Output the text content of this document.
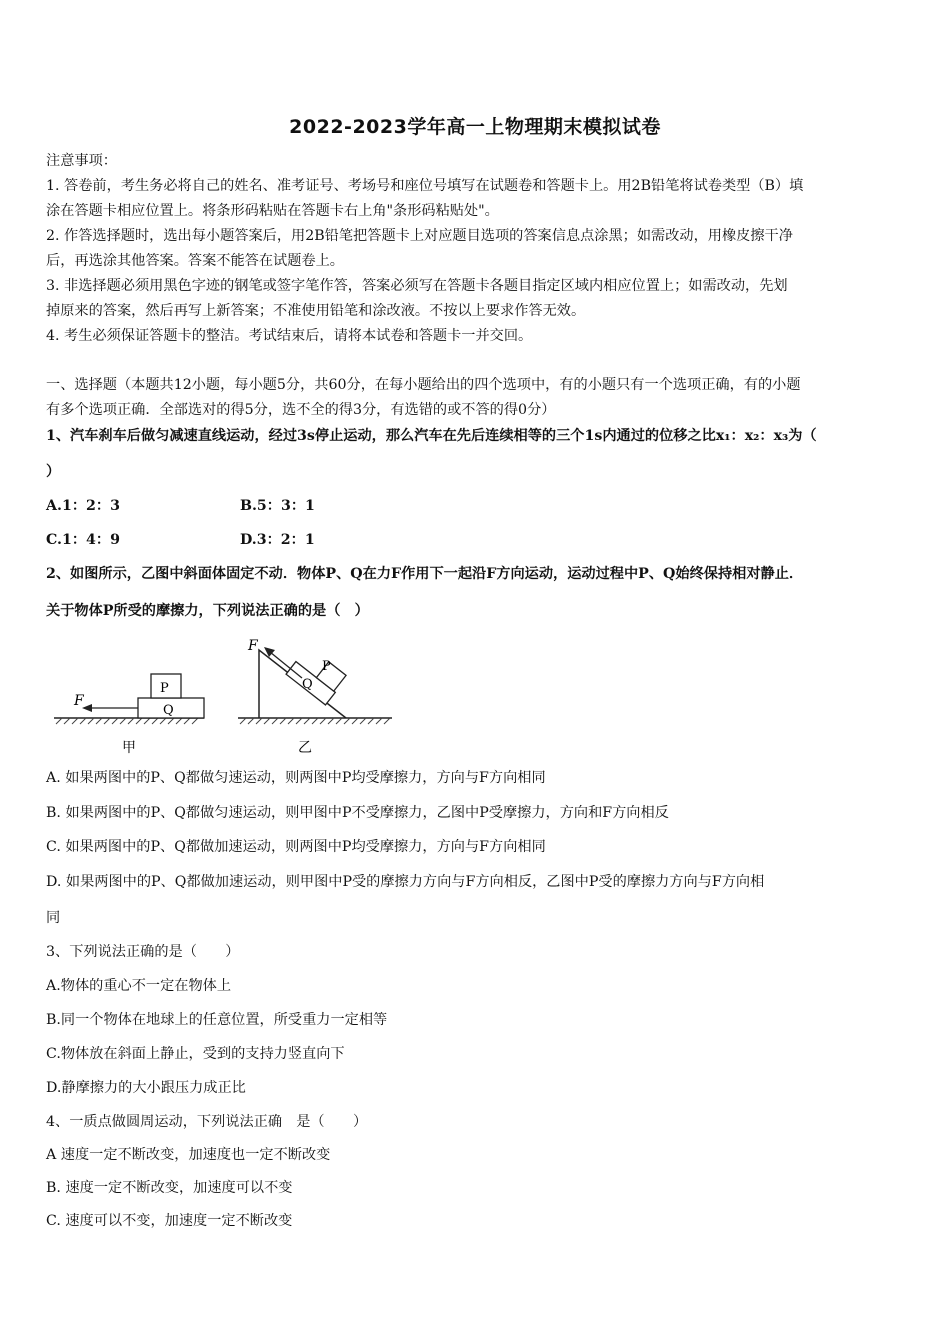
2022-2023学年高一上物理期末模拟试卷
注意事项：
1. 答卷前，考生务必将自己的姓名、准考证号、考场号和座位号填写在试题卷和答题卡上。用2B铅笔将试卷类型（B）填
涂在答题卡相应位置上。将条形码粘贴在答题卡右上角"条形码粘贴处"。
2. 作答选择题时，选出每小题答案后，用2B铅笔把答题卡上对应题目选项的答案信息点涂黑；如需改动，用橡皮擦干净
后，再选涂其他答案。答案不能答在试题卷上。
3. 非选择题必须用黑色字迹的钢笔或签字笔作答，答案必须写在答题卡各题目指定区域内相应位置上；如需改动，先划
掉原来的答案，然后再写上新答案；不准使用铅笔和涂改液。不按以上要求作答无效。
4. 考生必须保证答题卡的整洁。考试结束后，请将本试卷和答题卡一并交回。
一、选择题（本题共12小题，每小题5分，共60分，在每小题给出的四个选项中，有的小题只有一个选项正确，有的小题
有多个选项正确．全部选对的得5分，选不全的得3分，有选错的或不答的得0分）
1、汽车刹车后做匀减速直线运动，经过3s停止运动，那么汽车在先后连续相等的三个1s内通过的位移之比x₁：x₂：x₃为（
）
A.1：2：3	B.5：3：1
C.1：4：9	D.3：2：1
2、如图所示，乙图中斜面体固定不动．物体P、Q在力F作用下一起沿F方向运动，运动过程中P、Q始终保持相对静止．
关于物体P所受的摩擦力，下列说法正确的是（　）
F
P
Q
甲
F
P
Q
乙
A. 如果两图中的P、Q都做匀速运动，则两图中P均受摩擦力，方向与F方向相同
B. 如果两图中的P、Q都做匀速运动，则甲图中P不受摩擦力，乙图中P受摩擦力，方向和F方向相反
C. 如果两图中的P、Q都做加速运动，则两图中P均受摩擦力，方向与F方向相同
D. 如果两图中的P、Q都做加速运动，则甲图中P受的摩擦力方向与F方向相反，乙图中P受的摩擦力方向与F方向相
同
3、下列说法正确的是（　　）
A.物体的重心不一定在物体上
B.同一个物体在地球上的任意位置，所受重力一定相等
C.物体放在斜面上静止，受到的支持力竖直向下
D.静摩擦力的大小跟压力成正比
4、一质点做圆周运动，下列说法正确　是（　　）
A 速度一定不断改变，加速度也一定不断改变
B. 速度一定不断改变，加速度可以不变
C. 速度可以不变，加速度一定不断改变
